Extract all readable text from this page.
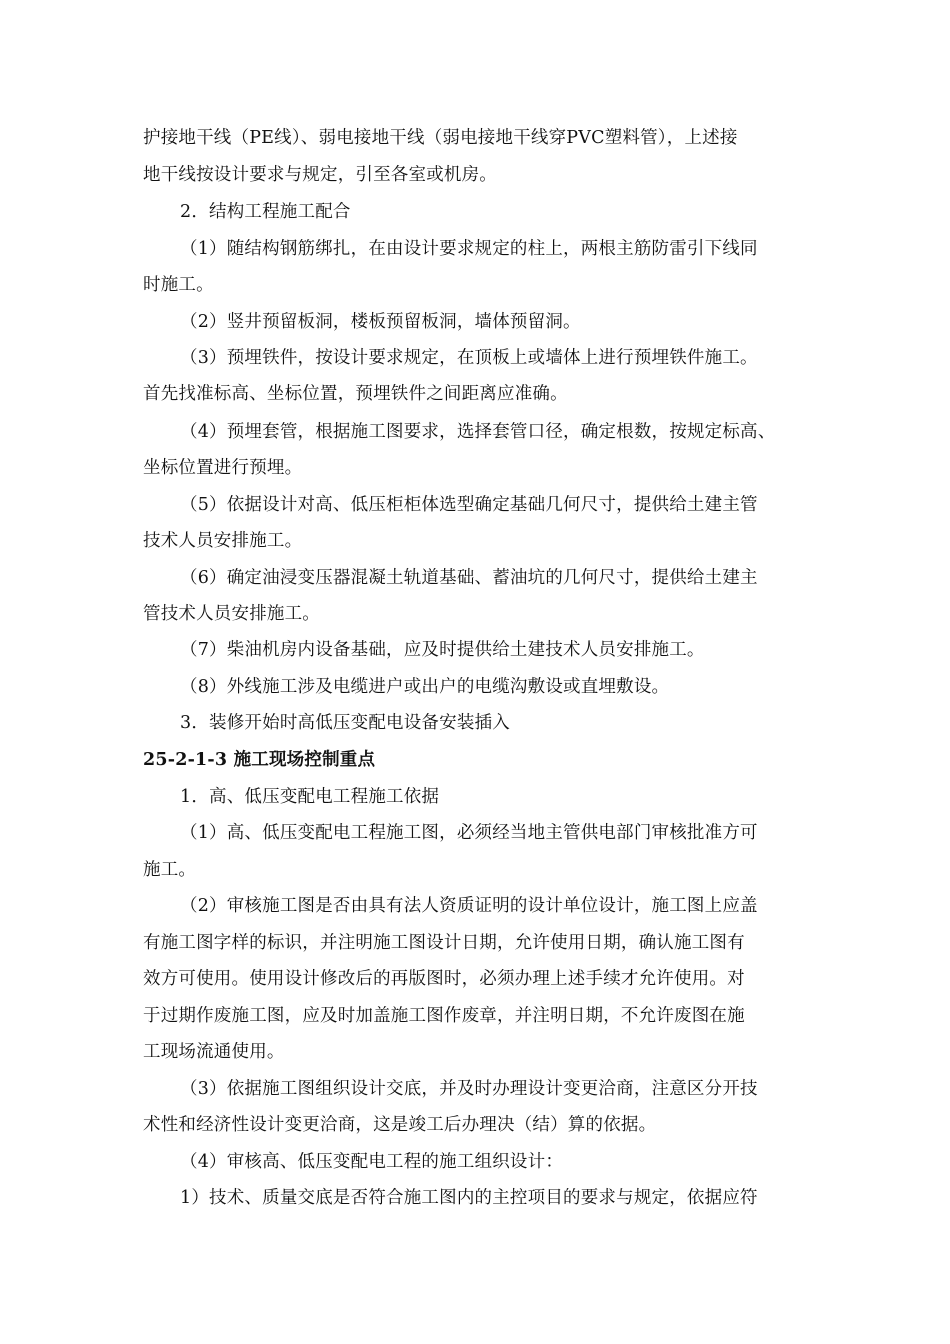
护接地干线（PE线）、弱电接地干线（弱电接地干线穿PVC塑料管），上述接
地干线按设计要求与规定，引至各室或机房。
2．结构工程施工配合
（1）随结构钢筋绑扎，在由设计要求规定的柱上，两根主筋防雷引下线同
时施工。
（2）竖井预留板洞，楼板预留板洞，墙体预留洞。
（3）预埋铁件，按设计要求规定，在顶板上或墙体上进行预埋铁件施工。
首先找准标高、坐标位置，预埋铁件之间距离应准确。
（4）预埋套管，根据施工图要求，选择套管口径，确定根数，按规定标高、
坐标位置进行预埋。
（5）依据设计对高、低压柜柜体选型确定基础几何尺寸，提供给土建主管
技术人员安排施工。
（6）确定油浸变压器混凝土轨道基础、蓄油坑的几何尺寸，提供给土建主
管技术人员安排施工。
（7）柴油机房内设备基础，应及时提供给土建技术人员安排施工。
（8）外线施工涉及电缆进户或出户的电缆沟敷设或直埋敷设。
3．装修开始时高低压变配电设备安装插入
25-2-1-3 施工现场控制重点
1．高、低压变配电工程施工依据
（1）高、低压变配电工程施工图，必须经当地主管供电部门审核批准方可
施工。
（2）审核施工图是否由具有法人资质证明的设计单位设计，施工图上应盖
有施工图字样的标识，并注明施工图设计日期，允许使用日期，确认施工图有
效方可使用。使用设计修改后的再版图时，必须办理上述手续才允许使用。对
于过期作废施工图，应及时加盖施工图作废章，并注明日期，不允许废图在施
工现场流通使用。
（3）依据施工图组织设计交底，并及时办理设计变更洽商，注意区分开技
术性和经济性设计变更洽商，这是竣工后办理决（结）算的依据。
（4）审核高、低压变配电工程的施工组织设计：
1）技术、质量交底是否符合施工图内的主控项目的要求与规定，依据应符
